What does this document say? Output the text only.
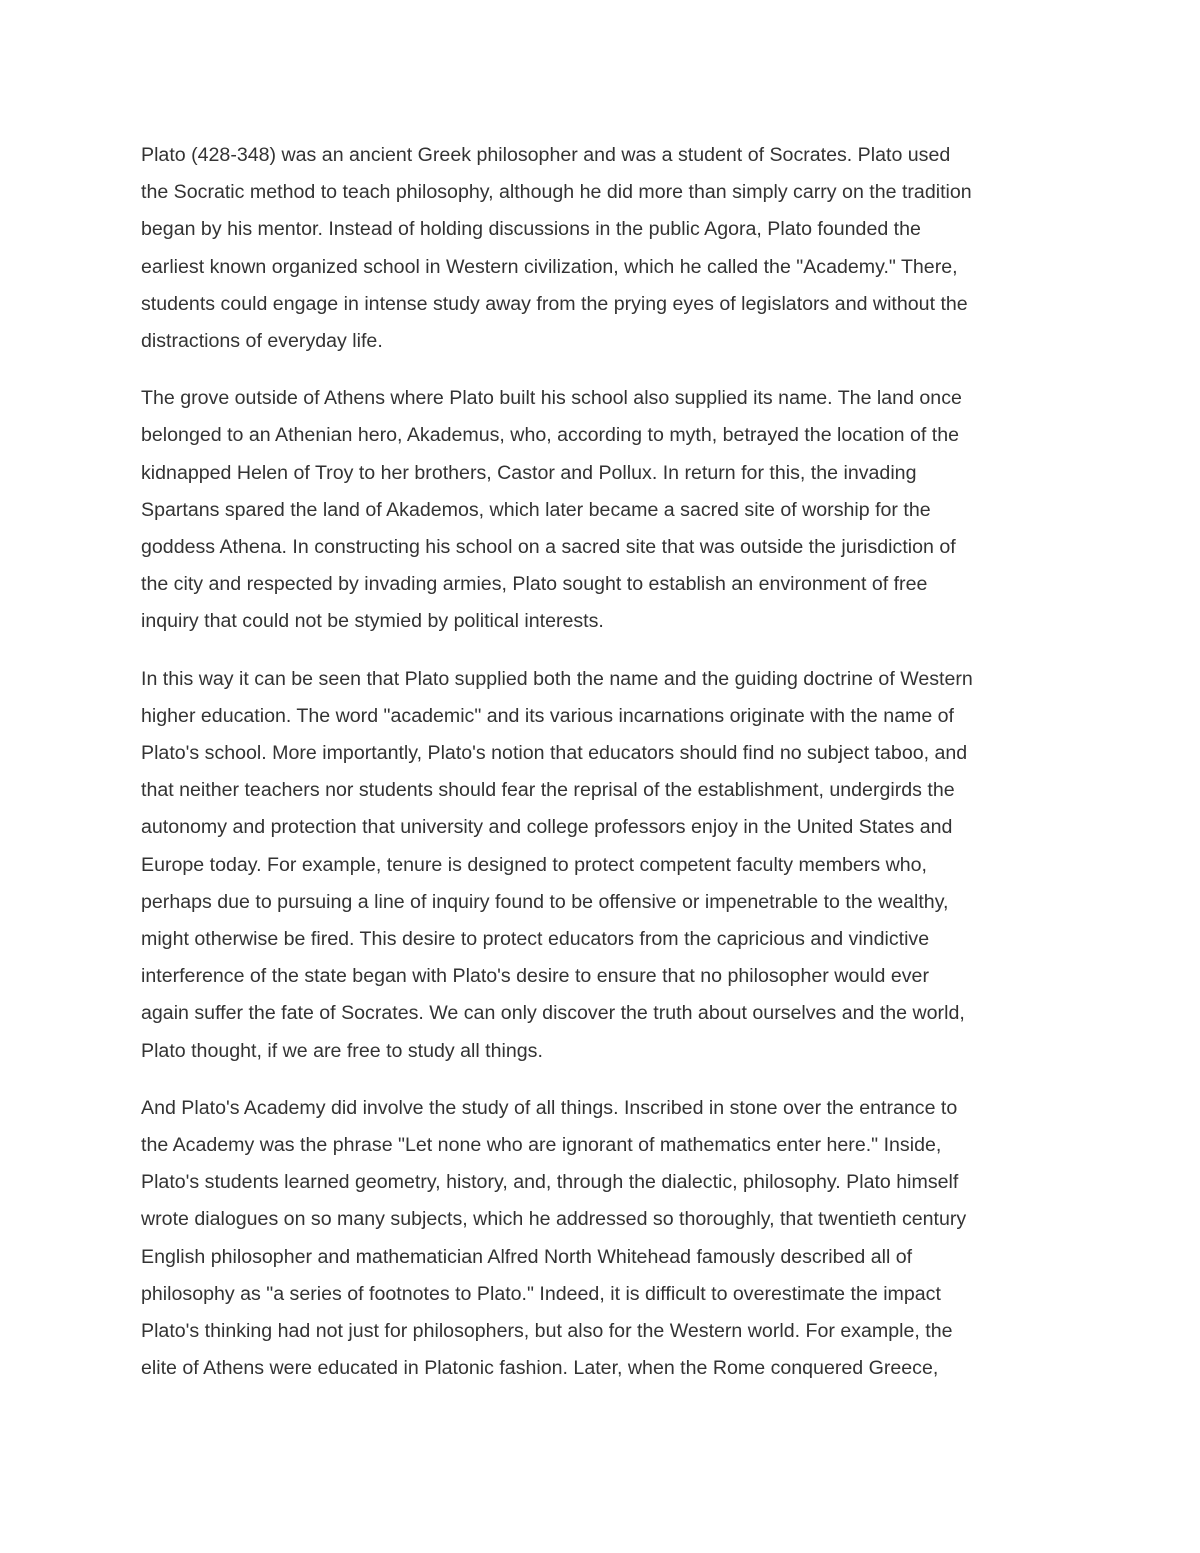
Plato (428-348) was an ancient Greek philosopher and was a student of Socrates. Plato used
the Socratic method to teach philosophy, although he did more than simply carry on the tradition
began by his mentor. Instead of holding discussions in the public Agora, Plato founded the
earliest known organized school in Western civilization, which he called the "Academy." There,
students could engage in intense study away from the prying eyes of legislators and without the
distractions of everyday life.
The grove outside of Athens where Plato built his school also supplied its name. The land once
belonged to an Athenian hero, Akademus, who, according to myth, betrayed the location of the
kidnapped Helen of Troy to her brothers, Castor and Pollux. In return for this, the invading
Spartans spared the land of Akademos, which later became a sacred site of worship for the
goddess Athena. In constructing his school on a sacred site that was outside the jurisdiction of
the city and respected by invading armies, Plato sought to establish an environment of free
inquiry that could not be stymied by political interests.
In this way it can be seen that Plato supplied both the name and the guiding doctrine of Western
higher education. The word "academic" and its various incarnations originate with the name of
Plato's school. More importantly, Plato's notion that educators should find no subject taboo, and
that neither teachers nor students should fear the reprisal of the establishment, undergirds the
autonomy and protection that university and college professors enjoy in the United States and
Europe today. For example, tenure is designed to protect competent faculty members who,
perhaps due to pursuing a line of inquiry found to be offensive or impenetrable to the wealthy,
might otherwise be fired. This desire to protect educators from the capricious and vindictive
interference of the state began with Plato's desire to ensure that no philosopher would ever
again suffer the fate of Socrates. We can only discover the truth about ourselves and the world,
Plato thought, if we are free to study all things.
And Plato's Academy did involve the study of all things. Inscribed in stone over the entrance to
the Academy was the phrase "Let none who are ignorant of mathematics enter here." Inside,
Plato's students learned geometry, history, and, through the dialectic, philosophy. Plato himself
wrote dialogues on so many subjects, which he addressed so thoroughly, that twentieth century
English philosopher and mathematician Alfred North Whitehead famously described all of
philosophy as "a series of footnotes to Plato." Indeed, it is difficult to overestimate the impact
Plato's thinking had not just for philosophers, but also for the Western world. For example, the
elite of Athens were educated in Platonic fashion. Later, when the Rome conquered Greece,
